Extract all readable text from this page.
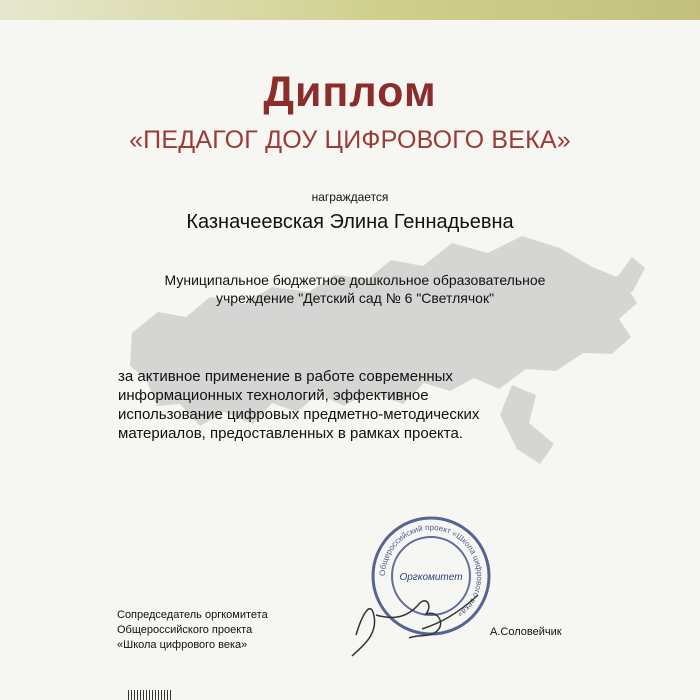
Диплом
«ПЕДАГОГ ДОУ ЦИФРОВОГО ВЕКА»
награждается
Казначеевская Элина Геннадьевна
Муниципальное бюджетное дошкольное образовательное
учреждение "Детский сад № 6 "Светлячок"
за активное применение в работе современных
информационных технологий, эффективное
использование цифровых предметно-методических
материалов, предоставленных в рамках проекта.
Сопредседатель оргкомитета
Общероссийского проекта
«Школа цифрового века»
А.Соловейчик
Общероссийский проект «Школа цифрового века»
Оргкомитет
